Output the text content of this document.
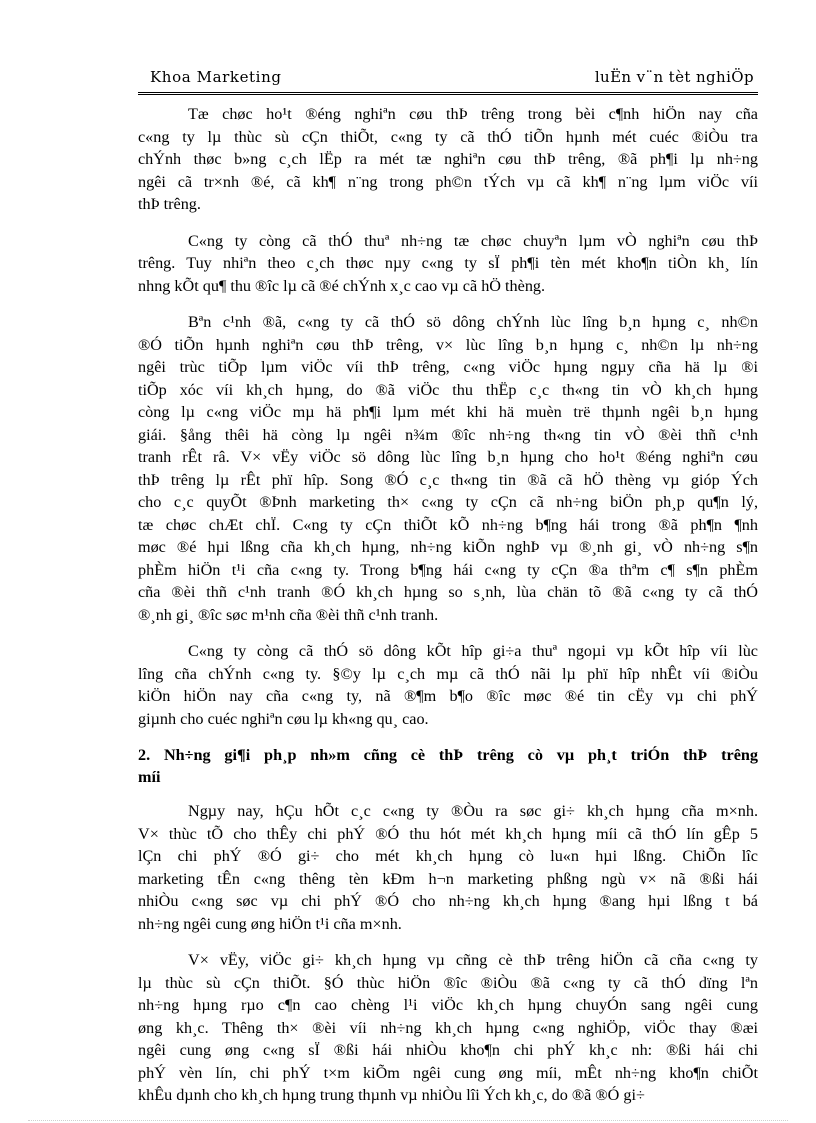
Khoa Marketing	luËn v¨n tèt nghiÖp
Tæ chøc ho¹t ®éng nghiªn cøu thÞ trêng trong bèi c¶nh hiÖn nay cña
c«ng ty lµ thùc sù cÇn thiÕt, c«ng ty cã thÓ tiÕn hµnh mét cuéc ®iÒu tra
chÝnh thøc b»ng c¸ch lËp ra mét tæ nghiªn cøu thÞ trêng, ®ã ph¶i lµ nh÷ng
ngêi cã tr×nh ®é, cã kh¶ n¨ng trong ph©n tÝch vµ cã kh¶ n¨ng lµm viÖc víi
thÞ trêng.
C«ng ty còng cã thÓ thuª nh÷ng tæ chøc chuyªn lµm vÒ nghiªn cøu thÞ
trêng. Tuy nhiªn theo c¸ch thøc nµy c«ng ty sÏ ph¶i tèn mét kho¶n tiÒn kh¸ lín
nhng kÕt qu¶ thu ®îc lµ cã ®é chÝnh x¸c cao vµ cã hÖ thèng.
Bªn c¹nh ®ã, c«ng ty cã thÓ sö dông chÝnh lùc lîng b¸n hµng c¸ nh©n
®Ó tiÕn hµnh nghiªn cøu thÞ trêng, v× lùc lîng b¸n hµng c¸ nh©n lµ nh÷ng
ngêi trùc tiÕp lµm viÖc víi thÞ trêng, c«ng viÖc hµng ngµy cña hä lµ ®i
tiÕp xóc víi kh¸ch hµng, do ®ã viÖc thu thËp c¸c th«ng tin vÒ kh¸ch hµng
còng lµ c«ng viÖc mµ hä ph¶i lµm mét khi hä muèn trë thµnh ngêi b¸n hµng
giái. §ång thêi hä còng lµ ngêi n¾m ®îc nh÷ng th«ng tin vÒ ®èi thñ c¹nh
tranh rÊt râ. V× vËy viÖc sö dông lùc lîng b¸n hµng cho ho¹t ®éng nghiªn cøu
thÞ trêng lµ rÊt phï hîp. Song ®Ó c¸c th«ng tin ®ã cã hÖ thèng vµ gióp Ých
cho c¸c quyÕt ®Þnh marketing th× c«ng ty cÇn cã nh÷ng biÖn ph¸p qu¶n lý,
tæ chøc chÆt chÏ. C«ng ty cÇn thiÕt kÕ nh÷ng b¶ng hái trong ®ã ph¶n ¶nh
møc ®é hµi lßng cña kh¸ch hµng, nh÷ng kiÕn nghÞ vµ ®¸nh gi¸ vÒ nh÷ng s¶n
phÈm hiÖn t¹i cña c«ng ty. Trong b¶ng hái c«ng ty cÇn ®a thªm c¶ s¶n phÈm
cña ®èi thñ c¹nh tranh ®Ó kh¸ch hµng so s¸nh, lùa chän tõ ®ã c«ng ty cã thÓ
®¸nh gi¸ ®îc søc m¹nh cña ®èi thñ c¹nh tranh.
C«ng ty còng cã thÓ sö dông kÕt hîp gi÷a thuª ngoµi vµ kÕt hîp víi lùc
lîng cña chÝnh c«ng ty. §©y lµ c¸ch mµ cã thÓ nãi lµ phï hîp nhÊt víi ®iÒu
kiÖn hiÖn nay cña c«ng ty, nã ®¶m b¶o ®îc møc ®é tin cËy vµ chi phÝ
giµnh cho cuéc nghiªn cøu lµ kh«ng qu¸ cao.
2. Nh÷ng gi¶i ph¸p nh»m cñng cè thÞ trêng cò vµ ph¸t triÓn thÞ trêng
míi
Ngµy nay, hÇu hÕt c¸c c«ng ty ®Òu ra søc gi÷ kh¸ch hµng cña m×nh.
V× thùc tÕ cho thÊy chi phÝ ®Ó thu hót mét kh¸ch hµng míi cã thÓ lín gÊp 5
lÇn chi phÝ ®Ó gi÷ cho mét kh¸ch hµng cò lu«n hµi lßng. ChiÕn lîc
marketing tÊn c«ng thêng tèn kÐm h¬n marketing phßng ngù v× nã ®ßi hái
nhiÒu c«ng søc vµ chi phÝ ®Ó cho nh÷ng kh¸ch hµng ®ang hµi lßng t bá
nh÷ng ngêi cung øng hiÖn t¹i cña m×nh.
V× vËy, viÖc gi÷ kh¸ch hµng vµ cñng cè thÞ trêng hiÖn cã cña c«ng ty
lµ thùc sù cÇn thiÕt. §Ó thùc hiÖn ®îc ®iÒu ®ã c«ng ty cã thÓ dïng lªn
nh÷ng hµng rµo c¶n cao chèng l¹i viÖc kh¸ch hµng chuyÓn sang ngêi cung
øng kh¸c. Thêng th× ®èi víi nh÷ng kh¸ch hµng c«ng nghiÖp, viÖc thay ®æi
ngêi cung øng c«ng sÏ ®ßi hái nhiÒu kho¶n chi phÝ kh¸c nh: ®ßi hái chi
phÝ vèn lín, chi phÝ t×m kiÕm ngêi cung øng míi, mÊt nh÷ng kho¶n chiÕt
khÊu dµnh cho kh¸ch hµng trung thµnh vµ nhiÒu lîi Ých kh¸c, do ®ã ®Ó gi÷
